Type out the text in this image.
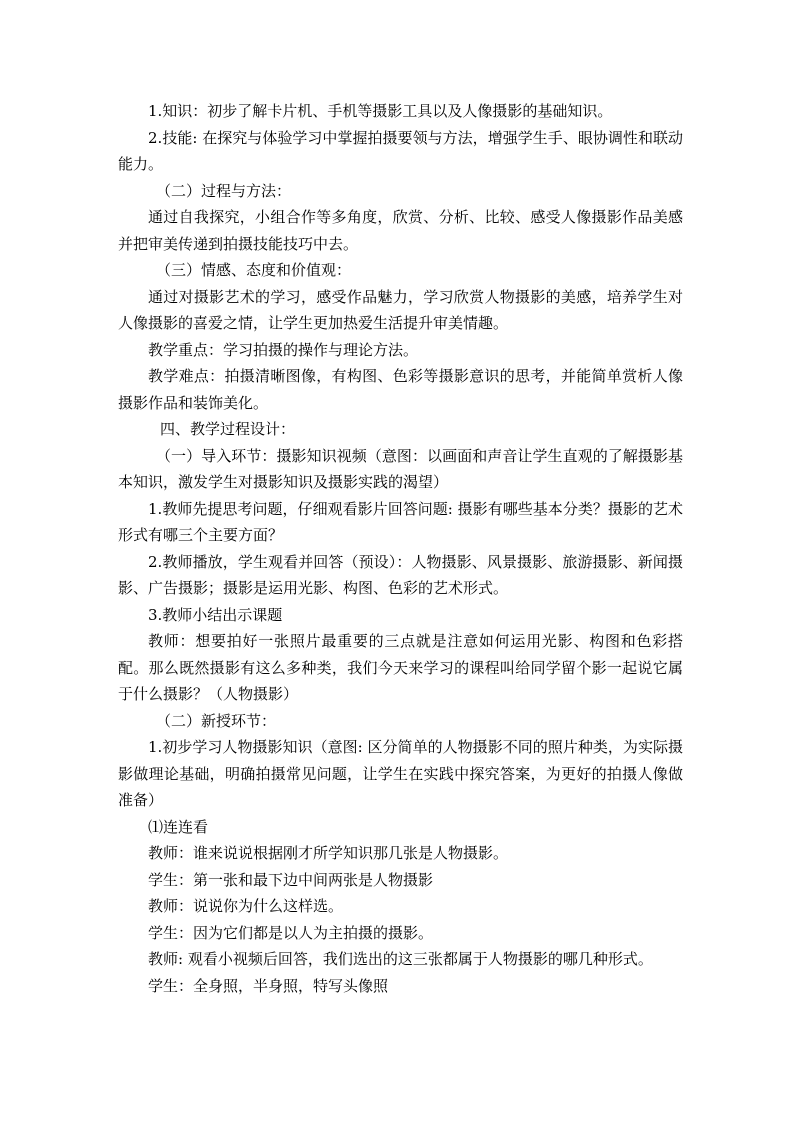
1.知识：初步了解卡片机、手机等摄影工具以及人像摄影的基础知识。

2.技能: 在探究与体验学习中掌握拍摄要领与方法，增强学生手、眼协调性和联动能力。

（二）过程与方法：

通过自我探究，小组合作等多角度，欣赏、分析、比较、感受人像摄影作品美感并把审美传递到拍摄技能技巧中去。

（三）情感、态度和价值观：

通过对摄影艺术的学习，感受作品魅力，学习欣赏人物摄影的美感，培养学生对人像摄影的喜爱之情，让学生更加热爱生活提升审美情趣。

教学重点：学习拍摄的操作与理论方法。

教学难点：拍摄清晰图像，有构图、色彩等摄影意识的思考，并能简单赏析人像摄影作品和装饰美化。

四、教学过程设计：

（一）导入环节：摄影知识视频（意图：以画面和声音让学生直观的了解摄影基本知识，激发学生对摄影知识及摄影实践的渴望）

1.教师先提思考问题，仔细观看影片回答问题: 摄影有哪些基本分类？摄影的艺术形式有哪三个主要方面？

2.教师播放，学生观看并回答（预设）：人物摄影、风景摄影、旅游摄影、新闻摄影、广告摄影；摄影是运用光影、构图、色彩的艺术形式。

3.教师小结出示课题

教师：想要拍好一张照片最重要的三点就是注意如何运用光影、构图和色彩搭配。那么既然摄影有这么多种类，我们今天来学习的课程叫给同学留个影一起说它属于什么摄影？（人物摄影）

（二）新授环节：

1.初步学习人物摄影知识（意图: 区分简单的人物摄影不同的照片种类，为实际摄影做理论基础，明确拍摄常见问题，让学生在实践中探究答案，为更好的拍摄人像做准备）

⑴连连看

教师：谁来说说根据刚才所学知识那几张是人物摄影。

学生：第一张和最下边中间两张是人物摄影

教师：说说你为什么这样选。

学生：因为它们都是以人为主拍摄的摄影。

教师: 观看小视频后回答，我们选出的这三张都属于人物摄影的哪几种形式。

学生：全身照，半身照，特写头像照
